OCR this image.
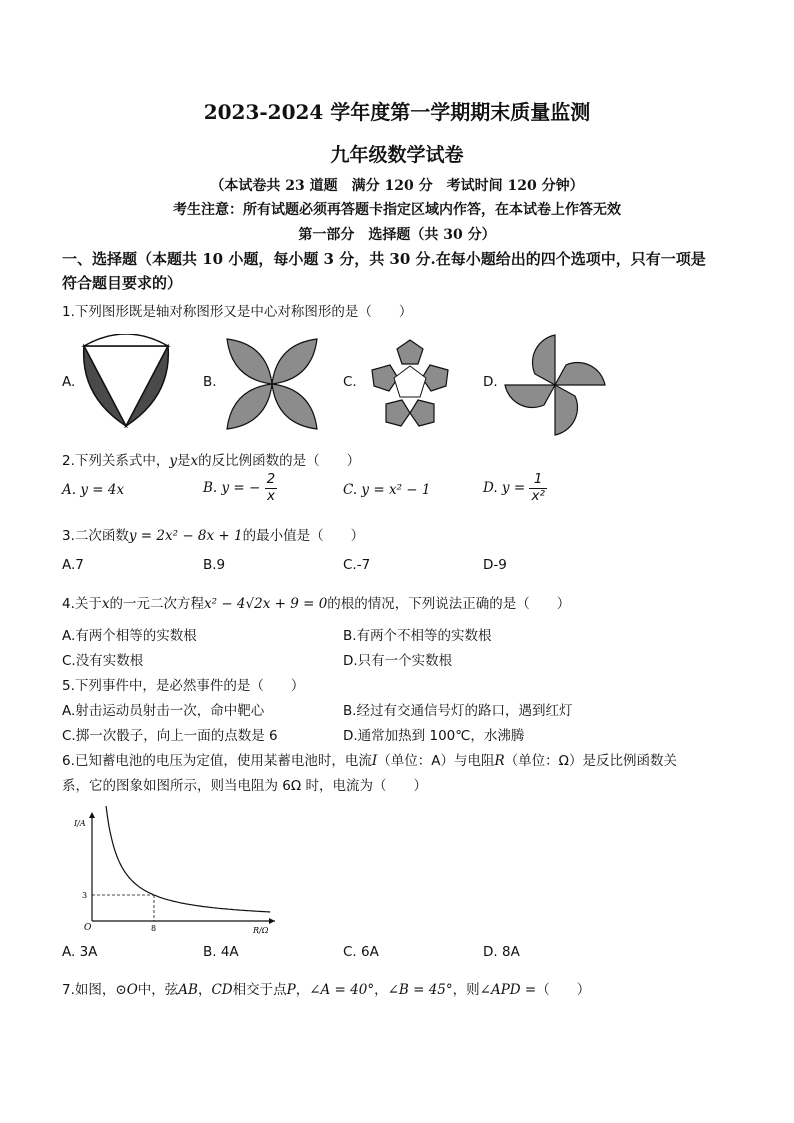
2023-2024 学年度第一学期期末质量监测
九年级数学试卷
（本试卷共 23 道题　满分 120 分　考试时间 120 分钟）
考生注意：所有试题必须再答题卡指定区域内作答，在本试卷上作答无效
第一部分　选择题（共 30 分）
一、选择题（本题共 10 小题，每小题 3 分，共 30 分.在每小题给出的四个选项中，只有一项是
符合题目要求的）
1.下列图形既是轴对称图形又是中心对称图形的是（　　）
A.	B.	C.	D.
2.下列关系式中，y是x的反比例函数的是（　　）
A. y = 4x	B. y = − $\frac{2}{x}$	C. y = x² − 1	D. $y = \frac{1}{\text{x²}}$
3.二次函数y = 2x² − 8x + 1的最小值是（　　）
A.7	B.9	C.-7	D-9
4.关于x的一元二次方程x² − 4√2x + 9 = 0的根的情况，下列说法正确的是（　　）
A.有两个相等的实数根	B.有两个不相等的实数根
C.没有实数根	D.只有一个实数根
5.下列事件中，是必然事件的是（　　）
A.射击运动员射击一次，命中靶心	B.经过有交通信号灯的路口，遇到红灯
C.掷一次骰子，向上一面的点数是 6	D.通常加热到 100℃，水沸腾
6.已知蓄电池的电压为定值，使用某蓄电池时，电流I（单位：A）与电阻R（单位：Ω）是反比例函数关
系，它的图象如图所示，则当电阻为 6Ω 时，电流为（　　）
I/A
R/Ω
O
3
8
A. 3A	B. 4A	C. 6A	D. 8A
7.如图，⊙O中，弦AB，CD相交于点P，∠A = 40°，∠B = 45°，则∠APD =（　　）
